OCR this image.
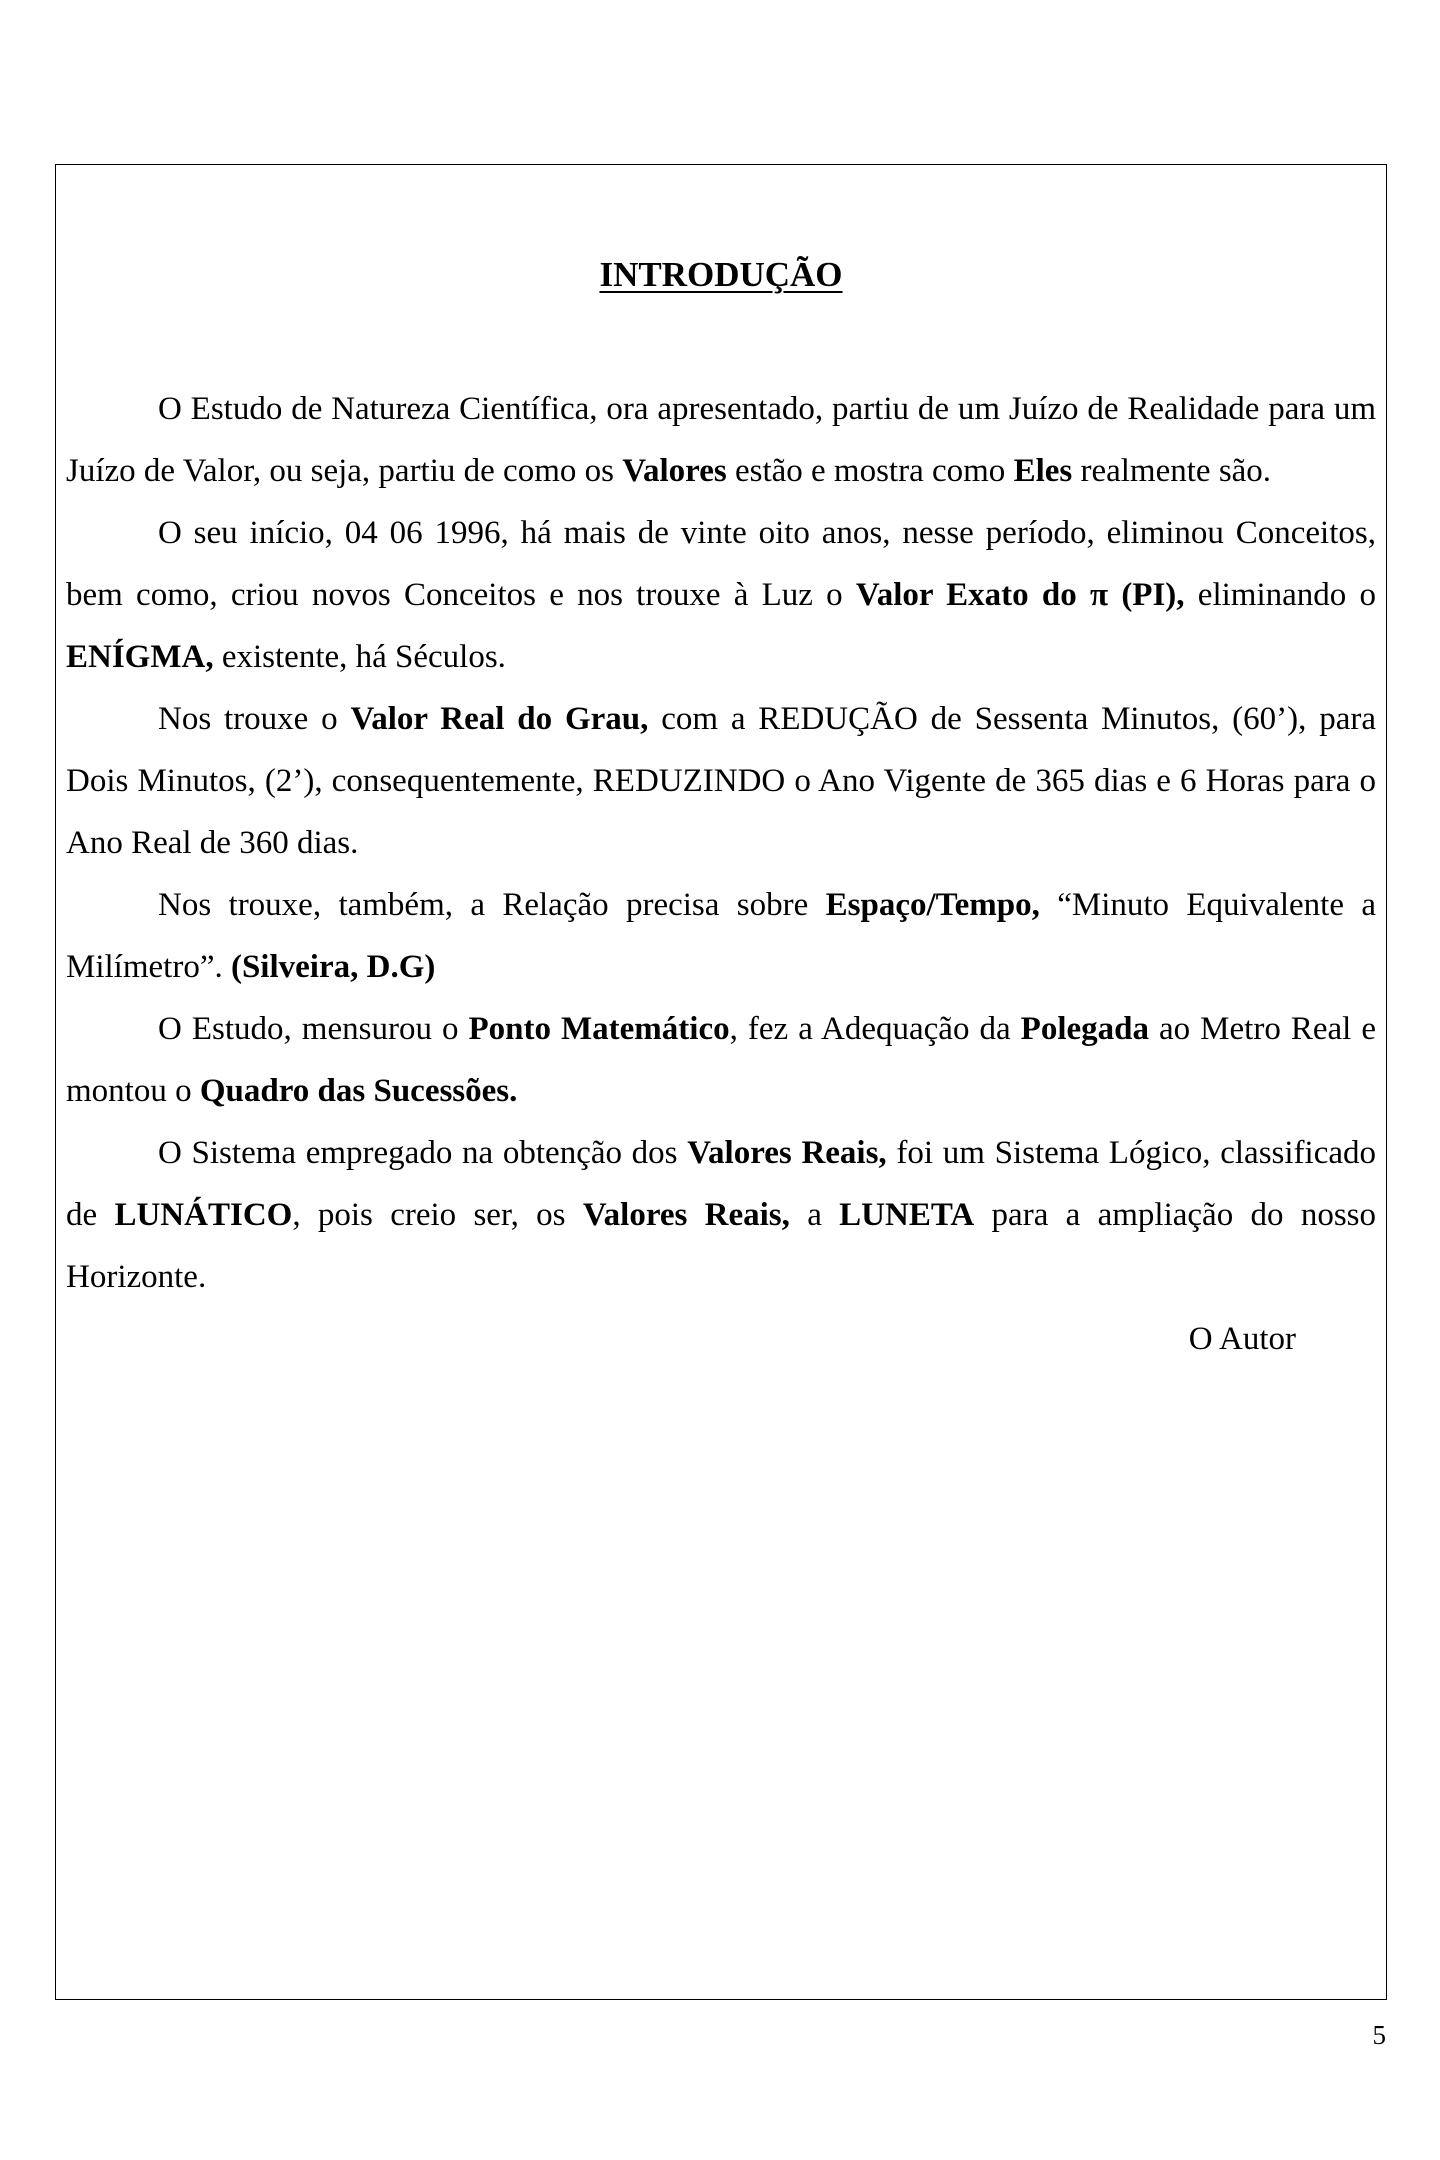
INTRODUÇÃO

O Estudo de Natureza Científica, ora apresentado, partiu de um Juízo de Realidade para um Juízo de Valor, ou seja, partiu de como os Valores estão e mostra como Eles realmente são.

O seu início, 04 06 1996, há mais de vinte oito anos, nesse período, eliminou Conceitos, bem como, criou novos Conceitos e nos trouxe à Luz o Valor Exato do π (PI), eliminando o ENÍGMA, existente, há Séculos.

Nos trouxe o Valor Real do Grau, com a REDUÇÃO de Sessenta Minutos, (60’), para Dois Minutos, (2’), consequentemente, REDUZINDO o Ano Vigente de 365 dias e 6 Horas para o Ano Real de 360 dias.

Nos trouxe, também, a Relação precisa sobre Espaço/Tempo, “Minuto Equivalente a Milímetro”. (Silveira, D.G)

O Estudo, mensurou o Ponto Matemático, fez a Adequação da Polegada ao Metro Real e montou o Quadro das Sucessões.

O Sistema empregado na obtenção dos Valores Reais, foi um Sistema Lógico, classificado de LUNÁTICO, pois creio ser, os Valores Reais, a LUNETA para a ampliação do nosso Horizonte.

O Autor

5
